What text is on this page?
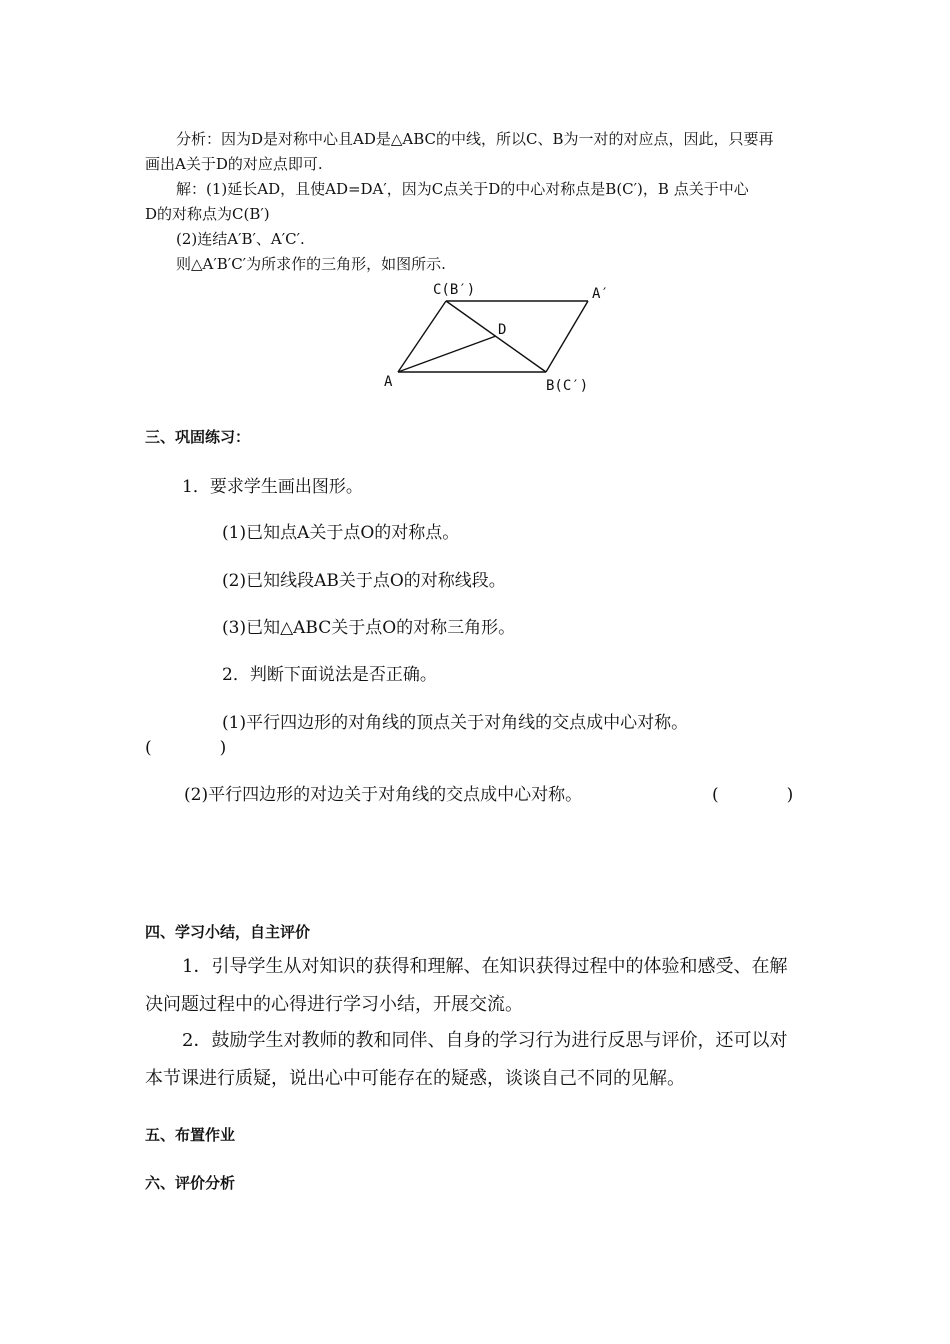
分析：因为D是对称中心且AD是△ABC的中线，所以C、B为一对的对应点，因此，只要再
画出A关于D的对应点即可.
解：(1)延长AD，且使AD=DA′，因为C点关于D的中心对称点是B(C′)，B 点关于中心
D的对称点为C(B′)
(2)连结A′B′、A′C′.
则△A′B′C′为所求作的三角形，如图所示.
C(B′)	A′
D
A	B(C′)
三、巩固练习：
1．要求学生画出图形。
(1)已知点A关于点O的对称点。
(2)已知线段AB关于点O的对称线段。
(3)已知△ABC关于点O的对称三角形。
2．判断下面说法是否正确。
(1)平行四边形的对角线的顶点关于对角线的交点成中心对称。
(　　　　)
(2)平行四边形的对边关于对角线的交点成中心对称。	(　　　　)
四、学习小结，自主评价
1．引导学生从对知识的获得和理解、在知识获得过程中的体验和感受、在解
决问题过程中的心得进行学习小结，开展交流。
2．鼓励学生对教师的教和同伴、自身的学习行为进行反思与评价，还可以对
本节课进行质疑，说出心中可能存在的疑惑，谈谈自己不同的见解。
五、布置作业
六、评价分析
